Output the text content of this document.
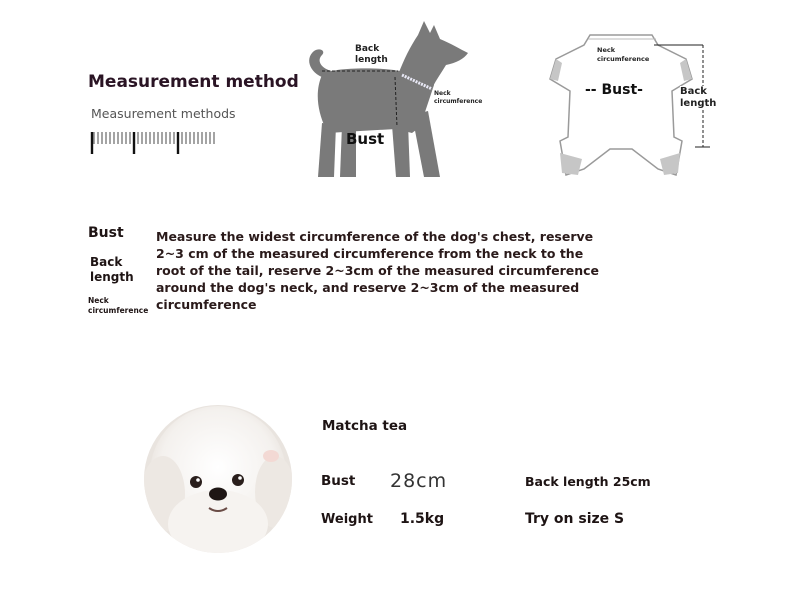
Measurement method
Measurement methods
Back
length
Neck
circumference
Bust
Neck
circumference
-- Bust-	Back
length
Bust
Back
length
Neck
circumference
Measure the widest circumference of the dog's chest, reserve 2~3 cm of the measured circumference from the neck to the root of the tail, reserve 2~3cm of the measured circumference around the dog's neck, and reserve 2~3cm of the measured circumference
Matcha tea
Bust 28cm	Back length 25cm
Weight 1.5kg	Try on size S
